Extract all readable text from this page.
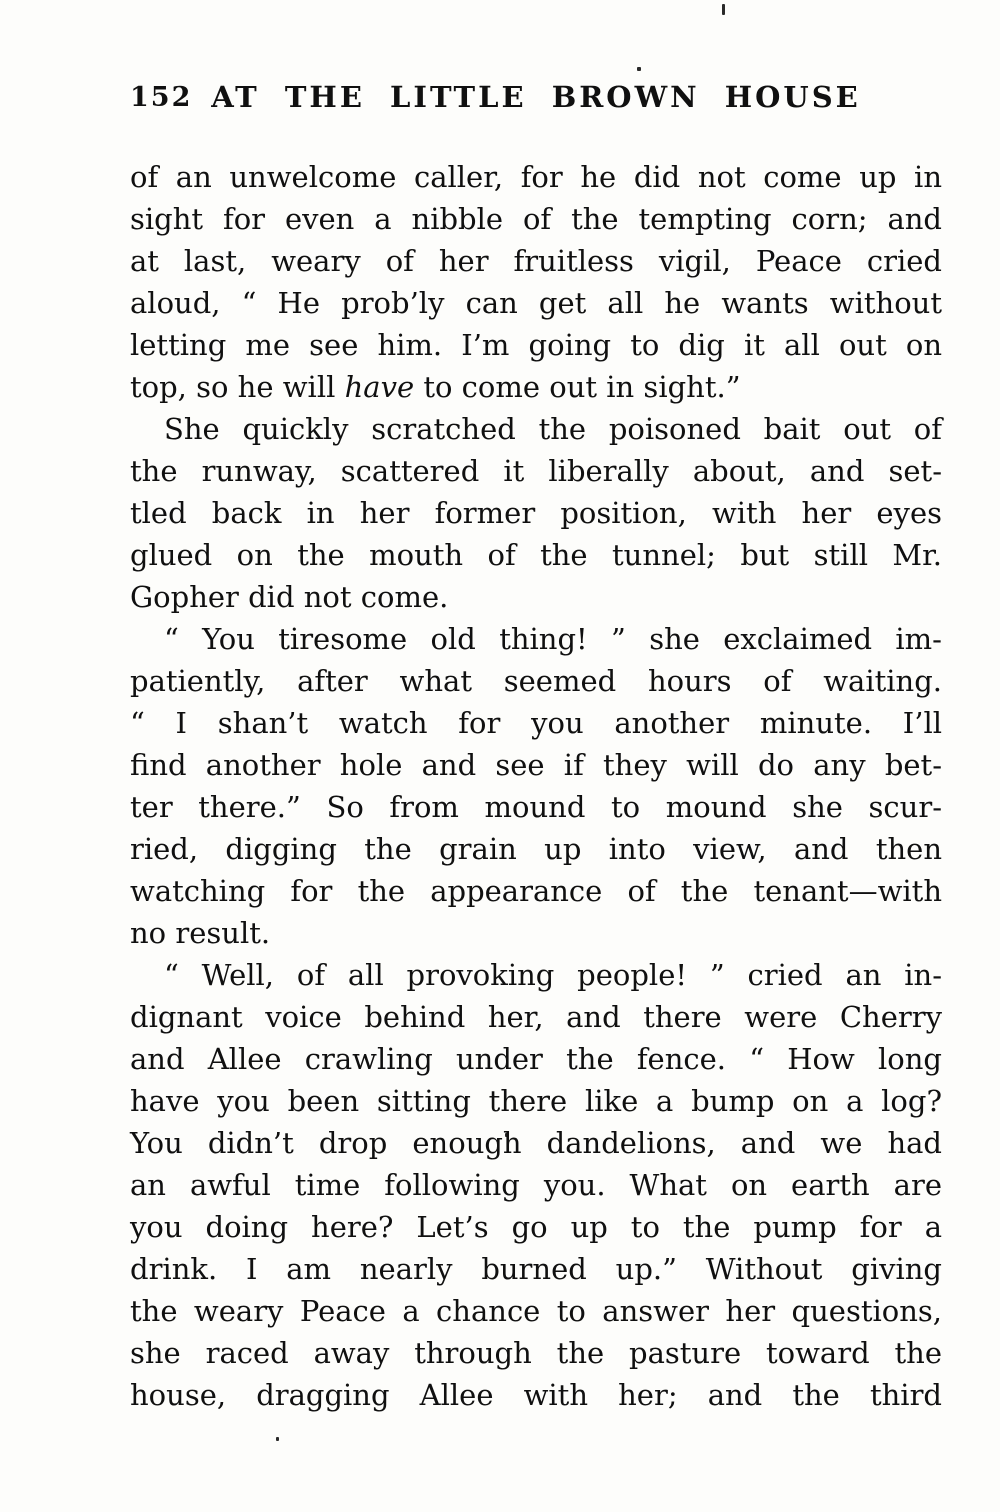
152 AT THE LITTLE BROWN HOUSE
of an unwelcome caller, for he did not come up in
sight for even a nibble of the tempting corn; and
at last, weary of her fruitless vigil, Peace cried
aloud, “ He prob’ly can get all he wants without
letting me see him. I’m going to dig it all out on
top, so he will have to come out in sight.”
She quickly scratched the poisoned bait out of
the runway, scattered it liberally about, and set-
tled back in her former position, with her eyes
glued on the mouth of the tunnel; but still Mr.
Gopher did not come.
“ You tiresome old thing! ” she exclaimed im-
patiently, after what seemed hours of waiting.
“ I shan’t watch for you another minute. I’ll
find another hole and see if they will do any bet-
ter there.” So from mound to mound she scur-
ried, digging the grain up into view, and then
watching for the appearance of the tenant—with
no result.
“ Well, of all provoking people! ” cried an in-
dignant voice behind her, and there were Cherry
and Allee crawling under the fence. “ How long
have you been sitting there like a bump on a log?
You didn’t drop enough dandelions, and we had
an awful time following you. What on earth are
you doing here? Let’s go up to the pump for a
drink. I am nearly burned up.” Without giving
the weary Peace a chance to answer her questions,
she raced away through the pasture toward the
house, dragging Allee with her; and the third
